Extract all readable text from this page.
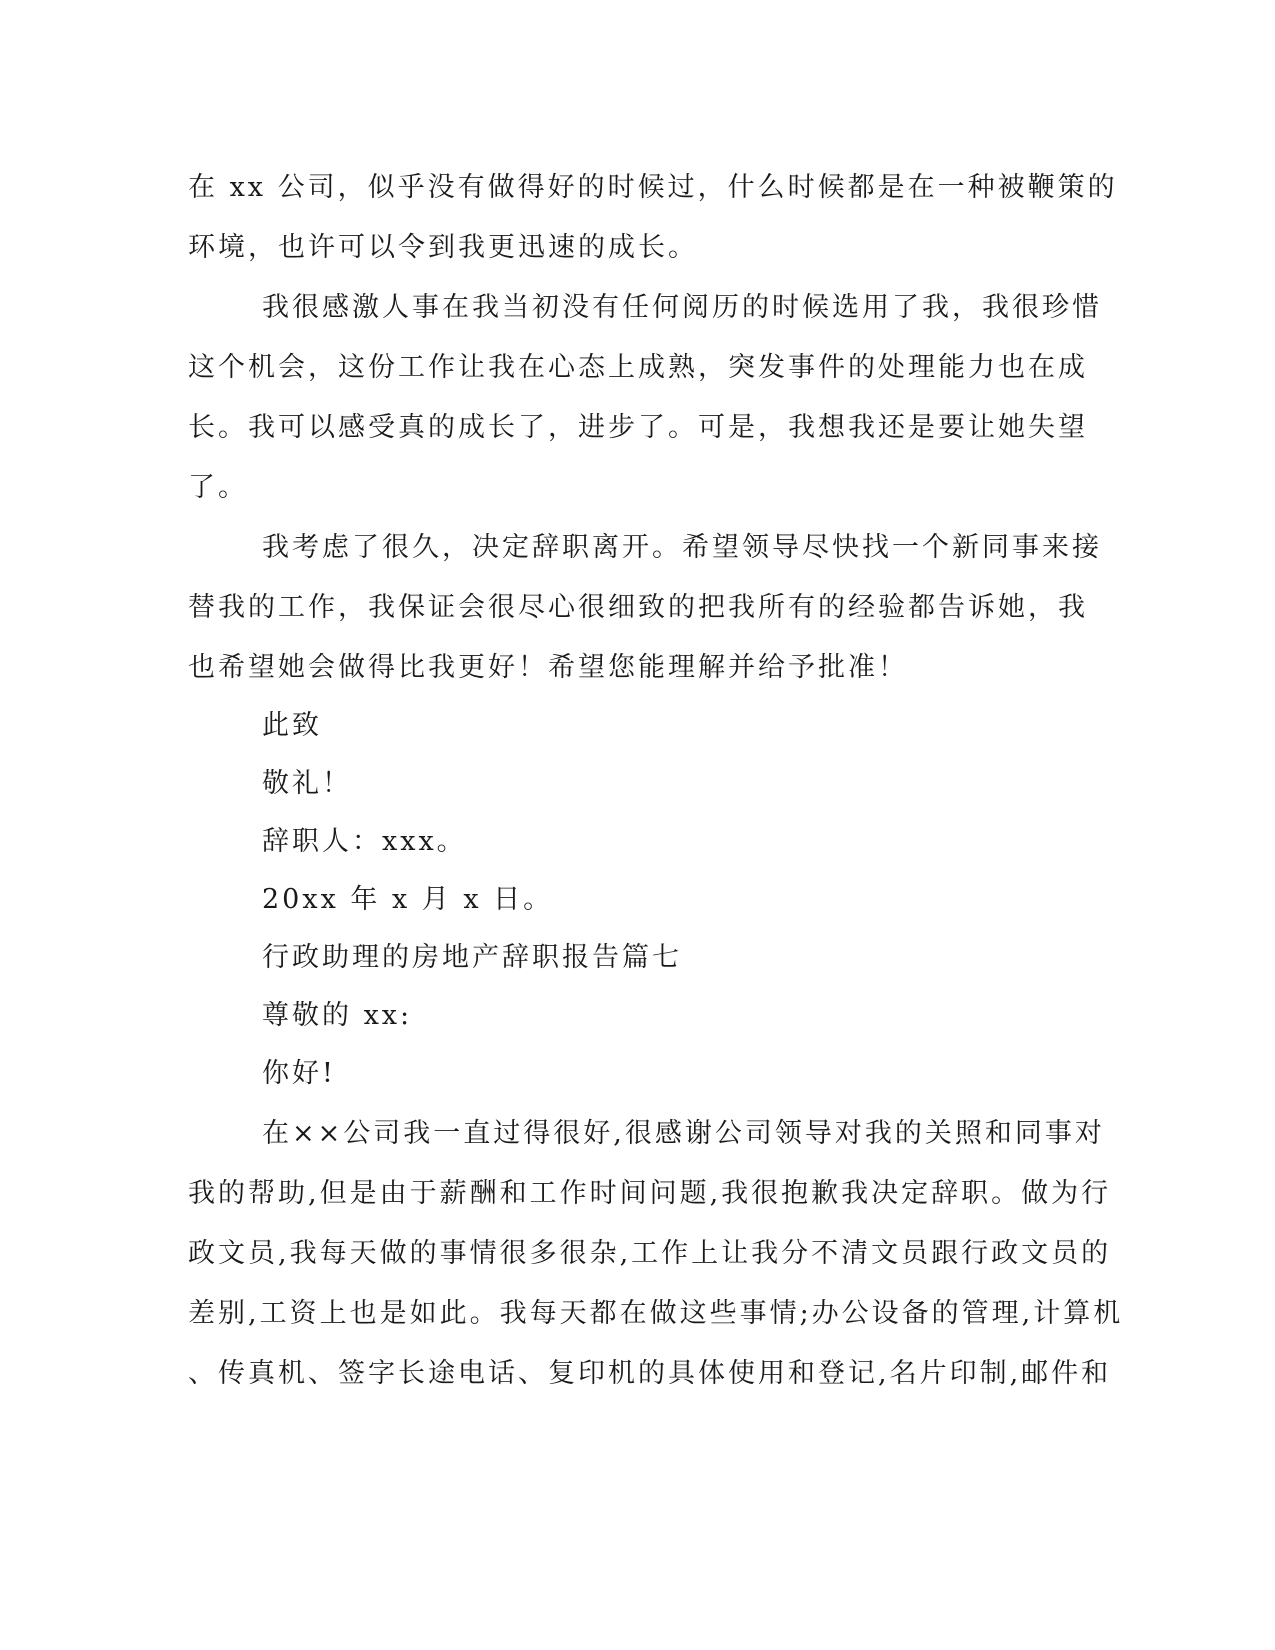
在 xx 公司，似乎没有做得好的时候过，什么时候都是在一种被鞭策的
环境，也许可以令到我更迅速的成长。
我很感激人事在我当初没有任何阅历的时候选用了我，我很珍惜
这个机会，这份工作让我在心态上成熟，突发事件的处理能力也在成
长。我可以感受真的成长了，进步了。可是，我想我还是要让她失望
了。
我考虑了很久，决定辞职离开。希望领导尽快找一个新同事来接
替我的工作，我保证会很尽心很细致的把我所有的经验都告诉她，我
也希望她会做得比我更好！希望您能理解并给予批准！
此致
敬礼！
辞职人：xxx。
20xx 年 x 月 x 日。
行政助理的房地产辞职报告篇七
尊敬的 xx:
你好!
在××公司我一直过得很好,很感谢公司领导对我的关照和同事对
我的帮助,但是由于薪酬和工作时间问题,我很抱歉我决定辞职。做为行
政文员,我每天做的事情很多很杂,工作上让我分不清文员跟行政文员的
差别,工资上也是如此。我每天都在做这些事情;办公设备的管理,计算机
、传真机、签字长途电话、复印机的具体使用和登记,名片印制,邮件和
